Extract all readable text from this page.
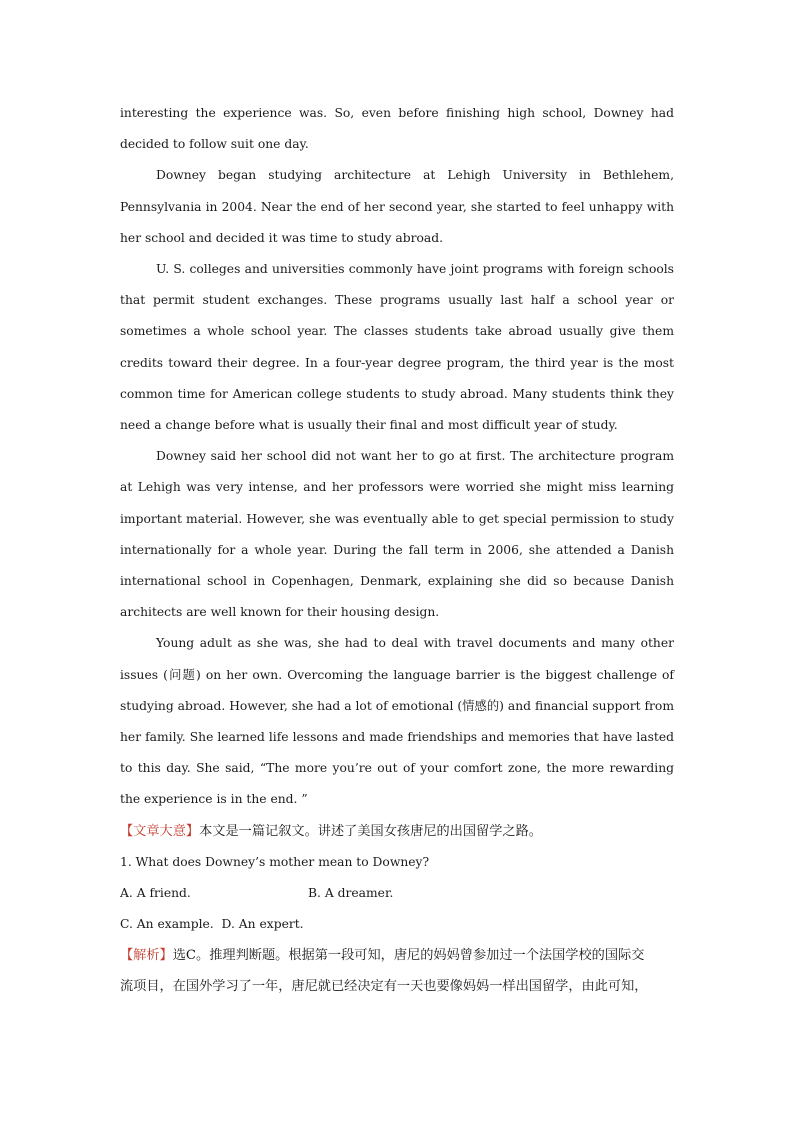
interesting the experience was. So, even before finishing high school, Downey had decided to follow suit one day.

Downey began studying architecture at Lehigh University in Bethlehem, Pennsylvania in 2004. Near the end of her second year, she started to feel unhappy with her school and decided it was time to study abroad.

U. S. colleges and universities commonly have joint programs with foreign schools that permit student exchanges. These programs usually last half a school year or sometimes a whole school year. The classes students take abroad usually give them credits toward their degree. In a four-year degree program, the third year is the most common time for American college students to study abroad. Many students think they need a change before what is usually their final and most difficult year of study.

Downey said her school did not want her to go at first. The architecture program at Lehigh was very intense, and her professors were worried she might miss learning important material. However, she was eventually able to get special permission to study internationally for a whole year. During the fall term in 2006, she attended a Danish international school in Copenhagen, Denmark, explaining she did so because Danish architects are well known for their housing design.

Young adult as she was, she had to deal with travel documents and many other issues (问题) on her own. Overcoming the language barrier is the biggest challenge of studying abroad. However, she had a lot of emotional (情感的) and financial support from her family. She learned life lessons and made friendships and memories that have lasted to this day. She said, “The more you’re out of your comfort zone, the more rewarding the experience is in the end. ”

【文章大意】本文是一篇记叙文。讲述了美国女孩唐尼的出国留学之路。

1. What does Downey’s mother mean to Downey?

A. A friend.	B. A dreamer.

C. An example. D. An expert.

【解析】选C。推理判断题。根据第一段可知，唐尼的妈妈曾参加过一个法国学校的国际交

流项目，在国外学习了一年，唐尼就已经决定有一天也要像妈妈一样出国留学，由此可知，
